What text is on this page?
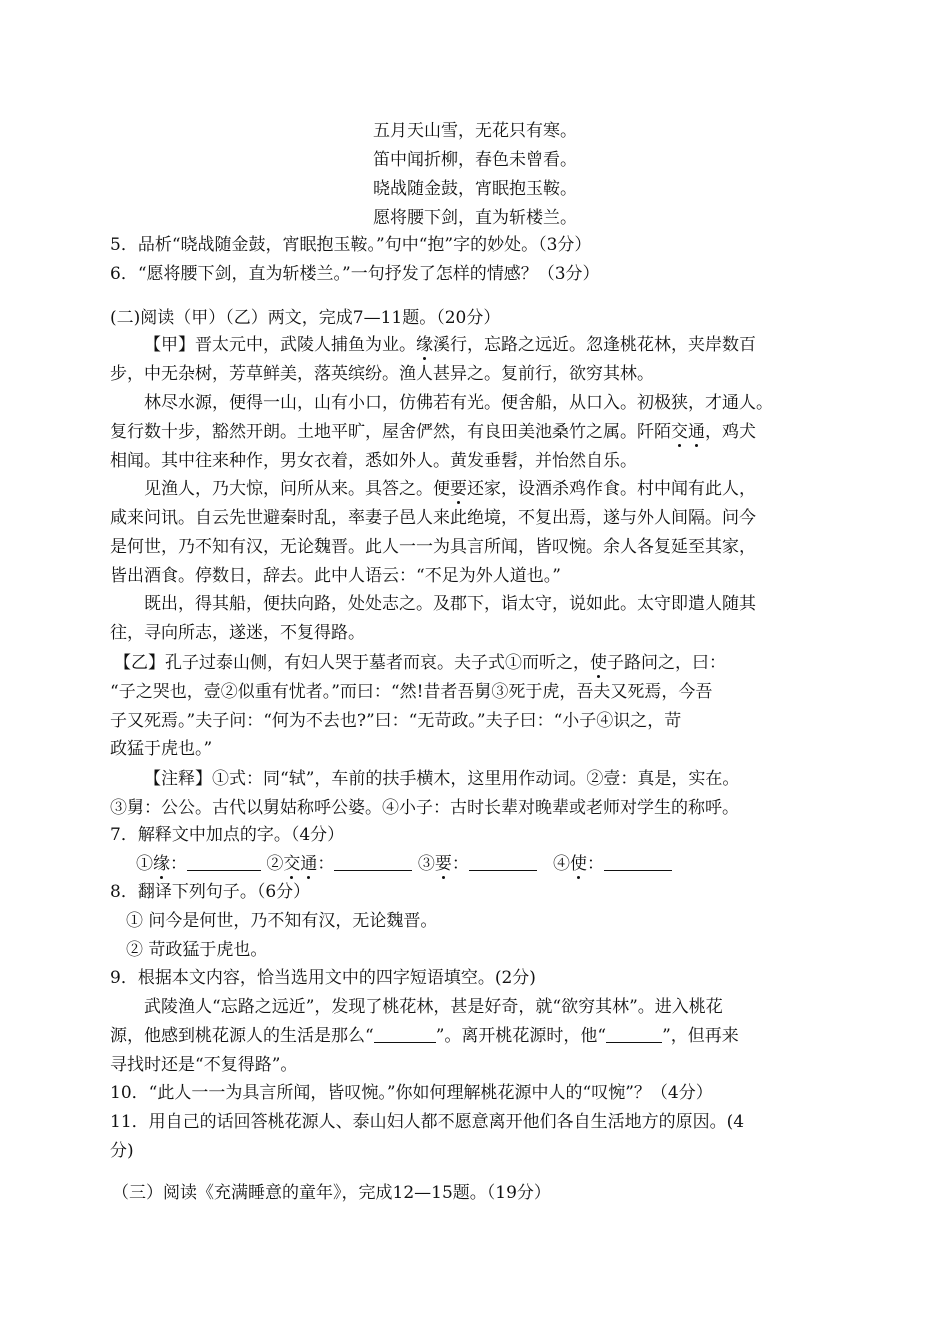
五月天山雪，无花只有寒。
笛中闻折柳，春色未曾看。
晓战随金鼓，宵眠抱玉鞍。
愿将腰下剑，直为斩楼兰。
5．品析“晓战随金鼓，宵眠抱玉鞍。”句中“抱”字的妙处。（3分）
6．“愿将腰下剑，直为斩楼兰。”一句抒发了怎样的情感？（3分）
(二)阅读（甲）（乙）两文，完成7—11题。（20分）
【甲】晋太元中，武陵人捕鱼为业。缘溪行，忘路之远近。忽逢桃花林，夹岸数百
步，中无杂树，芳草鲜美，落英缤纷。渔人甚异之。复前行，欲穷其林。
林尽水源，便得一山，山有小口，仿佛若有光。便舍船，从口入。初极狭，才通人。
复行数十步，豁然开朗。土地平旷，屋舍俨然，有良田美池桑竹之属。阡陌交通，鸡犬
相闻。其中往来种作，男女衣着，悉如外人。黄发垂髫，并怡然自乐。
见渔人，乃大惊，问所从来。具答之。便要还家，设酒杀鸡作食。村中闻有此人，
咸来问讯。自云先世避秦时乱，率妻子邑人来此绝境，不复出焉，遂与外人间隔。问今
是何世，乃不知有汉，无论魏晋。此人一一为具言所闻，皆叹惋。余人各复延至其家，
皆出酒食。停数日，辞去。此中人语云：“不足为外人道也。”
既出，得其船，便扶向路，处处志之。及郡下，诣太守，说如此。太守即遣人随其
往，寻向所志，遂迷，不复得路。
【乙】孔子过泰山侧，有妇人哭于墓者而哀。夫子式①而听之，使子路问之，曰：
“子之哭也，壹②似重有忧者。”而曰：“然!昔者吾舅③死于虎，吾夫又死焉，今吾
子又死焉。”夫子问：“何为不去也?”曰：“无苛政。”夫子曰：“小子④识之，苛
政猛于虎也。”
【注释】①式：同“轼”，车前的扶手横木，这里用作动词。②壹：真是，实在。
③舅：公公。古代以舅姑称呼公婆。④小子：古时长辈对晚辈或老师对学生的称呼。
7．解释文中加点的字。（4分）
①缘：	②交通：	③要：	④使：
8．翻译下列句子。（6分）
① 问今是何世，乃不知有汉，无论魏晋。
② 苛政猛于虎也。
9．根据本文内容，恰当选用文中的四字短语填空。(2分)
武陵渔人“忘路之远近”，发现了桃花林，甚是好奇，就“欲穷其林”。进入桃花
源，他感到桃花源人的生活是那么“	”。离开桃花源时，他“	”，但再来
寻找时还是“不复得路”。
10．“此人一一为具言所闻，皆叹惋。”你如何理解桃花源中人的“叹惋”？（4分）
11．用自己的话回答桃花源人、泰山妇人都不愿意离开他们各自生活地方的原因。(4
分)
（三）阅读《充满睡意的童年》，完成12—15题。（19分）
